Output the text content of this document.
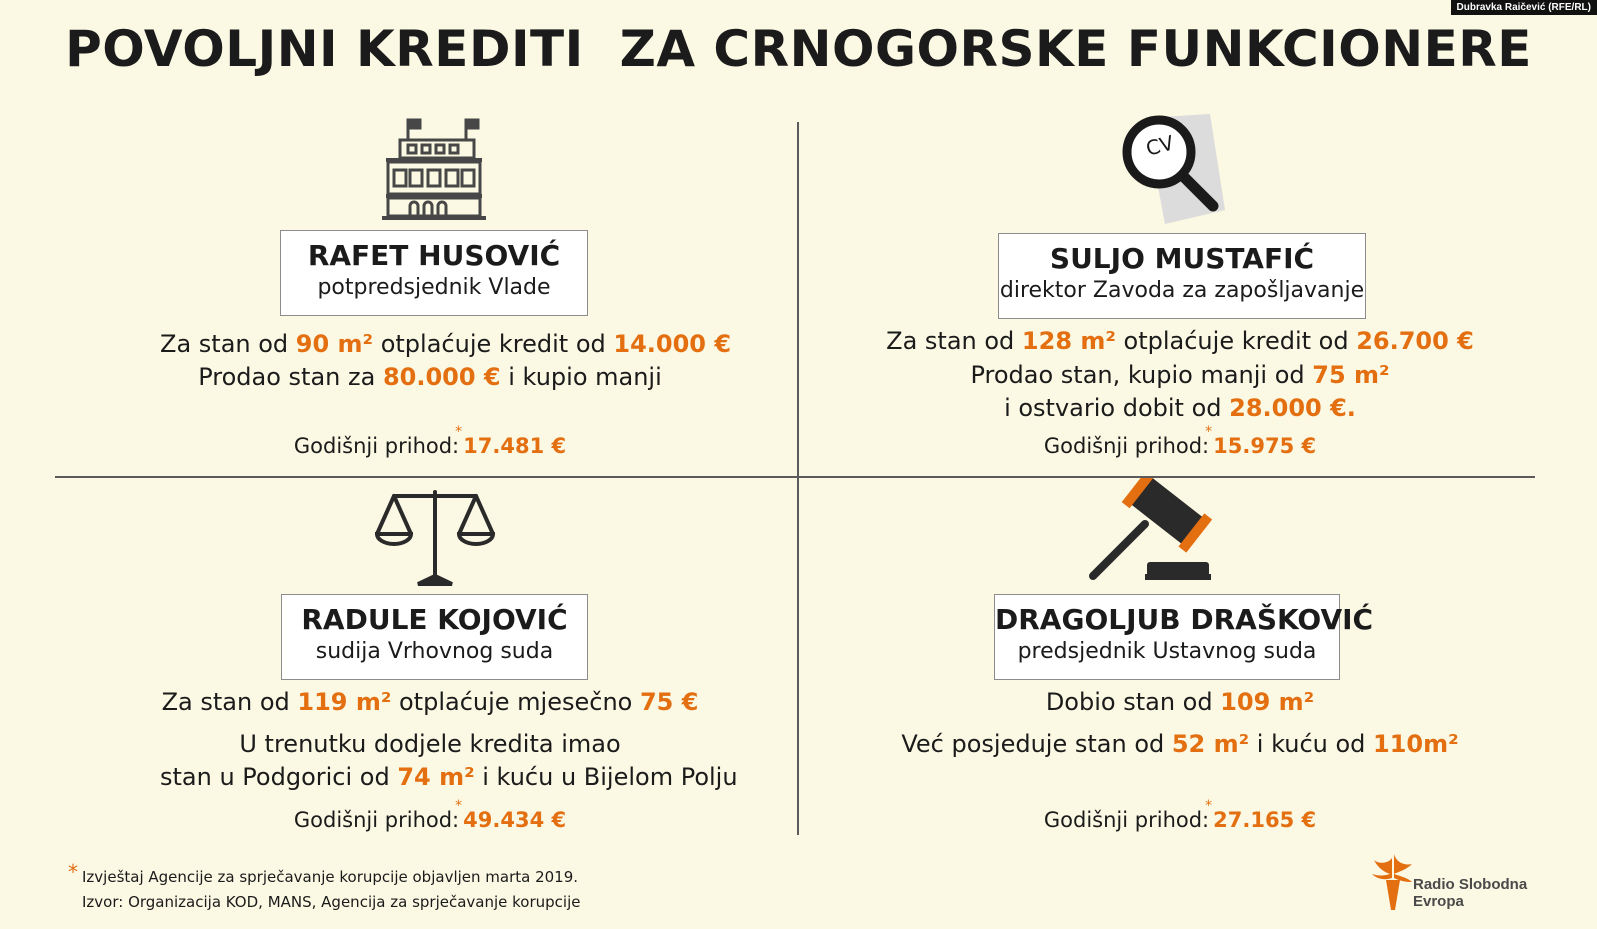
Dubravka Raičević (RFE/RL)
POVOLJNI KREDITI  ZA CRNOGORSKE FUNKCIONERE
CV
RAFET HUSOVIĆ
potpredsjednik Vlade
Za stan od 90 m² otplaćuje kredit od 14.000 €
Prodao stan za 80.000 € i kupio manji
Godišnji prihod:*17.481 €
SULJO MUSTAFIĆ
direktor Zavoda za zapošljavanje
Za stan od 128 m² otplaćuje kredit od 26.700 €
Prodao stan, kupio manji od 75 m²
i ostvario dobit od 28.000 €.
Godišnji prihod:*15.975 €
RADULE KOJOVIĆ
sudija Vrhovnog suda
Za stan od 119 m² otplaćuje mjesečno 75 €
U trenutku dodjele kredita imao
stan u Podgorici od 74 m² i kuću u Bijelom Polju
Godišnji prihod:*49.434 €
DRAGOLJUB DRAŠKOVIĆ
predsjednik Ustavnog suda
Dobio stan od 109 m²
Već posjeduje stan od 52 m² i kuću od 110m²
Godišnji prihod:*27.165 €
* Izvještaj Agencije za sprječavanje korupcije objavljen marta 2019.
Izvor: Organizacija KOD, MANS, Agencija za sprječavanje korupcije
Radio Slobodna
Evropa
